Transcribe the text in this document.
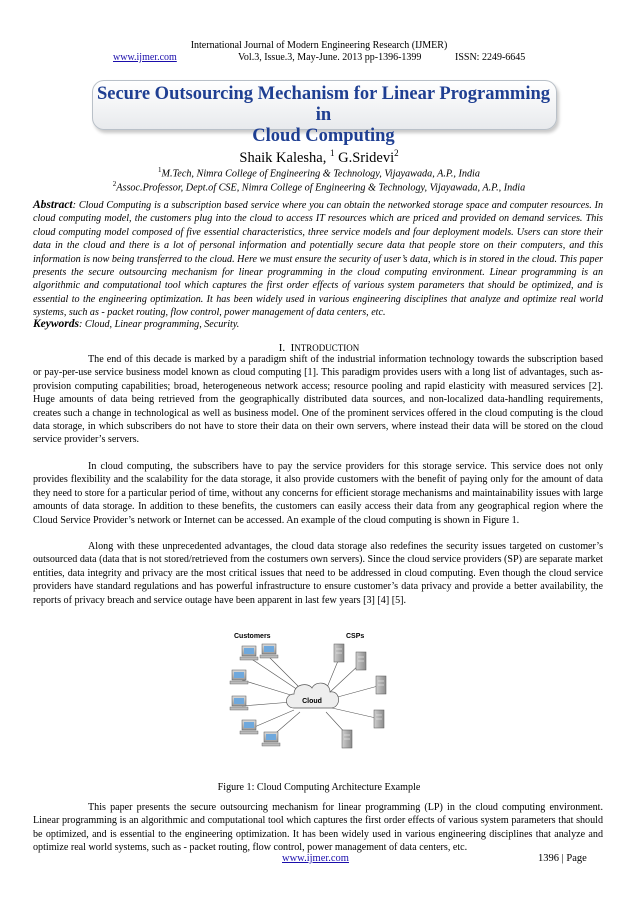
International Journal of Modern Engineering Research (IJMER)
www.ijmer.com	Vol.3, Issue.3, May-June. 2013 pp-1396-1399	ISSN: 2249-6645
Secure Outsourcing Mechanism for Linear Programming in
Cloud Computing
Shaik Kalesha, $^1$ G.Sridevi$^2$
$^1$M.Tech, Nimra College of Engineering & Technology, Vijayawada, A.P., India
$^2$Assoc.Professor, Dept.of CSE, Nimra College of Engineering & Technology, Vijayawada, A.P., India
Abstract: Cloud Computing is a subscription based service where you can obtain the networked storage space and computer resources. In cloud computing model, the customers plug into the cloud to access IT resources which are priced and provided on demand services. This cloud computing model composed of five essential characteristics, three service models and four deployment models. Users can store their data in the cloud and there is a lot of personal information and potentially secure data that people store on their computers, and this information is now being transferred to the cloud. Here we must ensure the security of user’s data, which is in stored in the cloud. This paper presents the secure outsourcing mechanism for linear programming in the cloud computing environment. Linear programming is an algorithmic and computational tool which captures the first order effects of various system parameters that should be optimized, and is essential to the engineering optimization. It has been widely used in various engineering disciplines that analyze and optimize real world systems, such as - packet routing, flow control, power management of data centers, etc.
Keywords: Cloud, Linear programming, Security.
I. INTRODUCTION
The end of this decade is marked by a paradigm shift of the industrial information technology towards the subscription based or pay-per-use service business model known as cloud computing [1]. This paradigm provides users with a long list of advantages, such as- provision computing capabilities; broad, heterogeneous network access; resource pooling and rapid elasticity with measured services [2]. Huge amounts of data being retrieved from the geographically distributed data sources, and non-localized data-handling requirements, creates such a change in technological as well as business model. One of the prominent services offered in the cloud computing is the cloud data storage, in which subscribers do not have to store their data on their own servers, where instead their data will be stored on the cloud service provider’s servers.
In cloud computing, the subscribers have to pay the service providers for this storage service. This service does not only provides flexibility and the scalability for the data storage, it also provide customers with the benefit of paying only for the amount of data they need to store for a particular period of time, without any concerns for efficient storage mechanisms and maintainability issues with large amounts of data storage. In addition to these benefits, the customers can easily access their data from any geographical region where the Cloud Service Provider’s network or Internet can be accessed. An example of the cloud computing is shown in Figure 1.
Along with these unprecedented advantages, the cloud data storage also redefines the security issues targeted on customer’s outsourced data (data that is not stored/retrieved from the costumers own servers). Since the cloud service providers (SP) are separate market entities, data integrity and privacy are the most critical issues that need to be addressed in cloud computing. Even though the cloud service providers have standard regulations and has powerful infrastructure to ensure customer’s data privacy and provide a better availability, the reports of privacy breach and service outage have been apparent in last few years [3] [4] [5].
Customers	CSPs
Cloud
Figure 1: Cloud Computing Architecture Example
This paper presents the secure outsourcing mechanism for linear programming (LP) in the cloud computing environment. Linear programming is an algorithmic and computational tool which captures the first order effects of various system parameters that should be optimized, and is essential to the engineering optimization. It has been widely used in various engineering disciplines that analyze and optimize real world systems, such as - packet routing, flow control, power management of data centers, etc.
www.ijmer.com	1396 | Page
